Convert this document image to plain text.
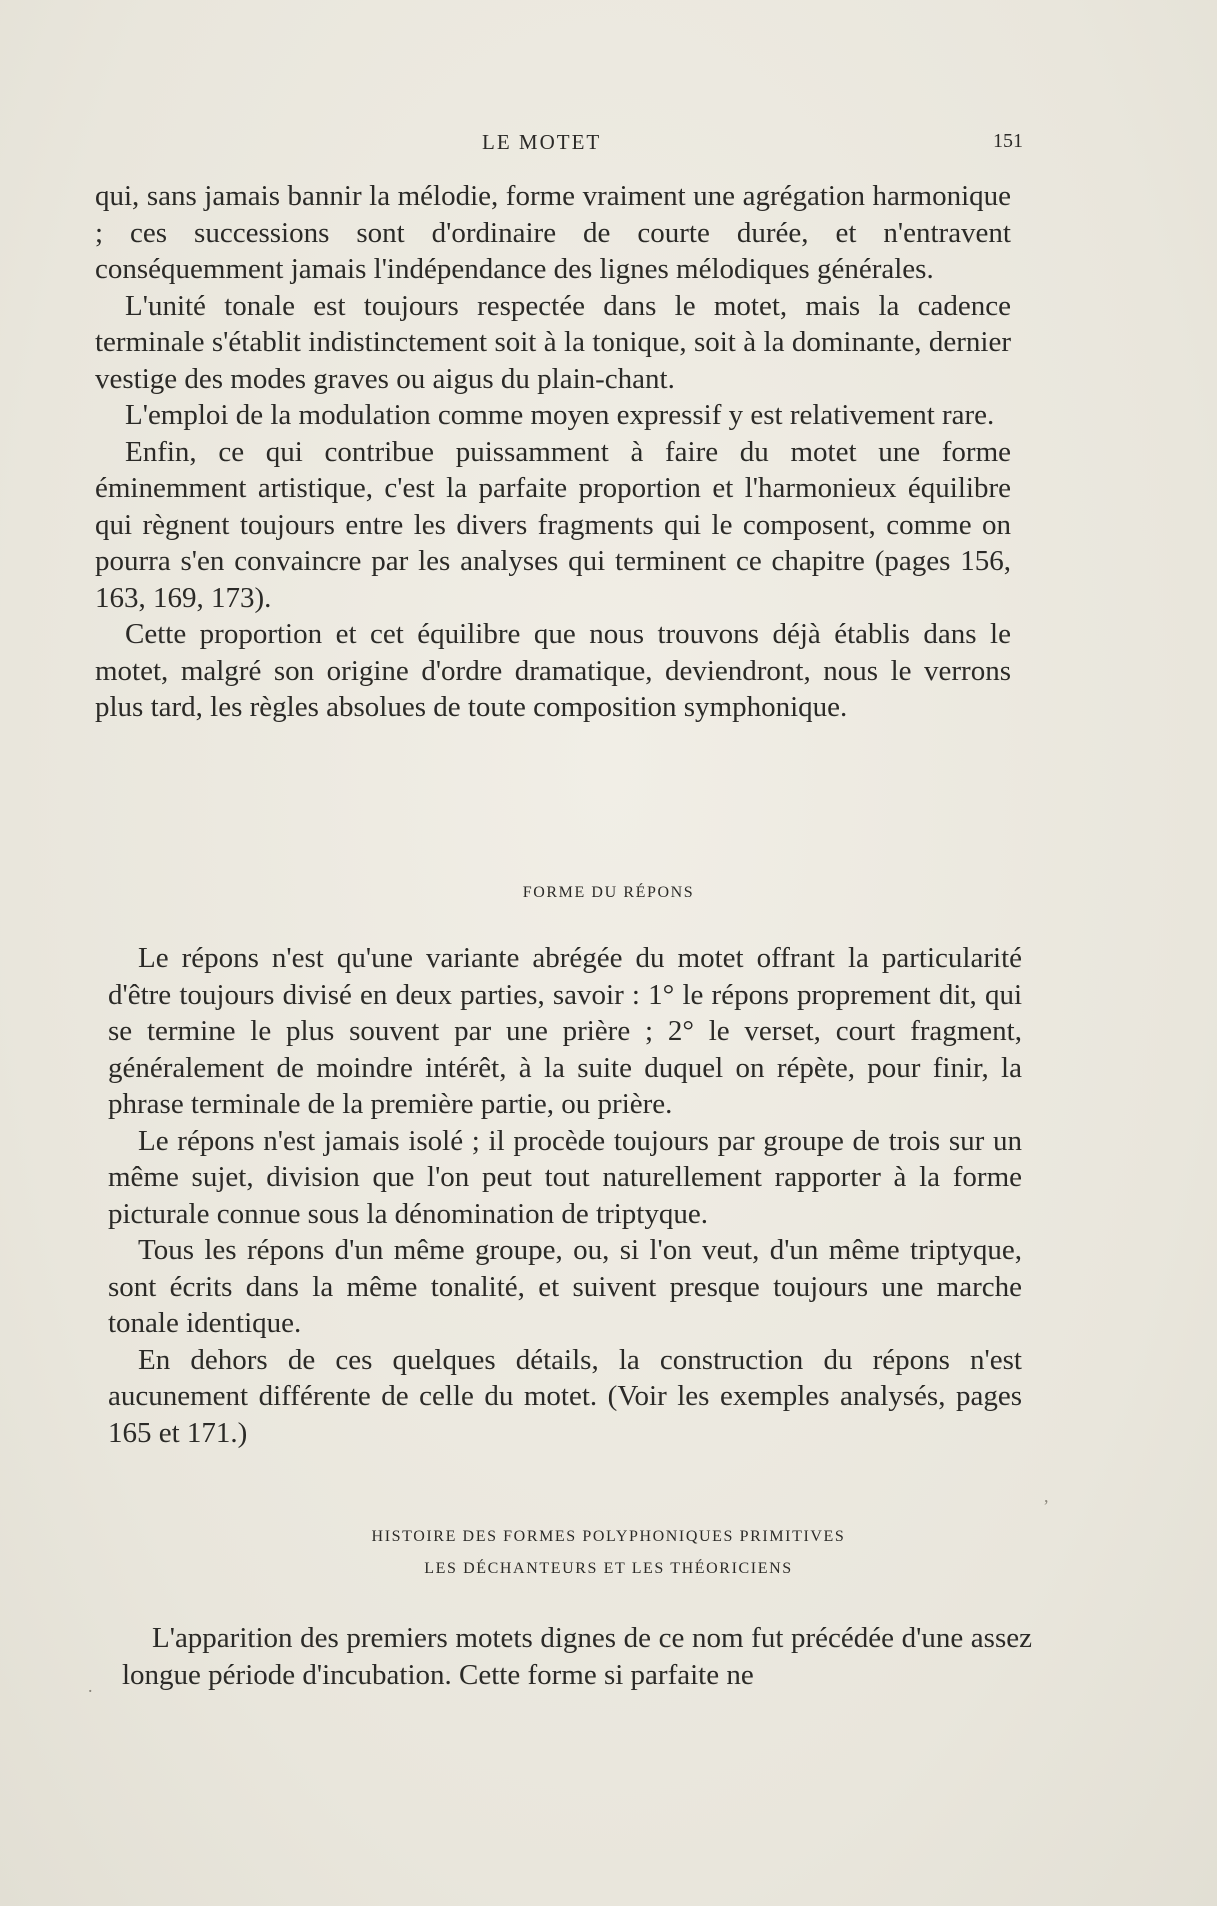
LE MOTET	151

qui, sans jamais bannir la mélodie, forme vraiment une agrégation harmonique ; ces successions sont d'ordinaire de courte durée, et n'entravent conséquemment jamais l'indépendance des lignes mélodiques générales.

L'unité tonale est toujours respectée dans le motet, mais la cadence terminale s'établit indistinctement soit à la tonique, soit à la dominante, dernier vestige des modes graves ou aigus du plain-chant.

L'emploi de la modulation comme moyen expressif y est relativement rare.

Enfin, ce qui contribue puissamment à faire du motet une forme éminemment artistique, c'est la parfaite proportion et l'harmonieux équilibre qui règnent toujours entre les divers fragments qui le composent, comme on pourra s'en convaincre par les analyses qui terminent ce chapitre (pages 156, 163, 169, 173).

Cette proportion et cet équilibre que nous trouvons déjà établis dans le motet, malgré son origine d'ordre dramatique, deviendront, nous le verrons plus tard, les règles absolues de toute composition symphonique.

FORME DU RÉPONS

Le répons n'est qu'une variante abrégée du motet offrant la particularité d'être toujours divisé en deux parties, savoir : 1° le répons proprement dit, qui se termine le plus souvent par une prière ; 2° le verset, court fragment, généralement de moindre intérêt, à la suite duquel on répète, pour finir, la phrase terminale de la première partie, ou prière.

Le répons n'est jamais isolé ; il procède toujours par groupe de trois sur un même sujet, division que l'on peut tout naturellement rapporter à la forme picturale connue sous la dénomination de triptyque.

Tous les répons d'un même groupe, ou, si l'on veut, d'un même triptyque, sont écrits dans la même tonalité, et suivent presque toujours une marche tonale identique.

En dehors de ces quelques détails, la construction du répons n'est aucunement différente de celle du motet. (Voir les exemples analysés, pages 165 et 171.)

HISTOIRE DES FORMES POLYPHONIQUES PRIMITIVES

LES DÉCHANTEURS ET LES THÉORICIENS

L'apparition des premiers motets dignes de ce nom fut précédée d'une assez longue période d'incubation. Cette forme si parfaite ne

,
.
